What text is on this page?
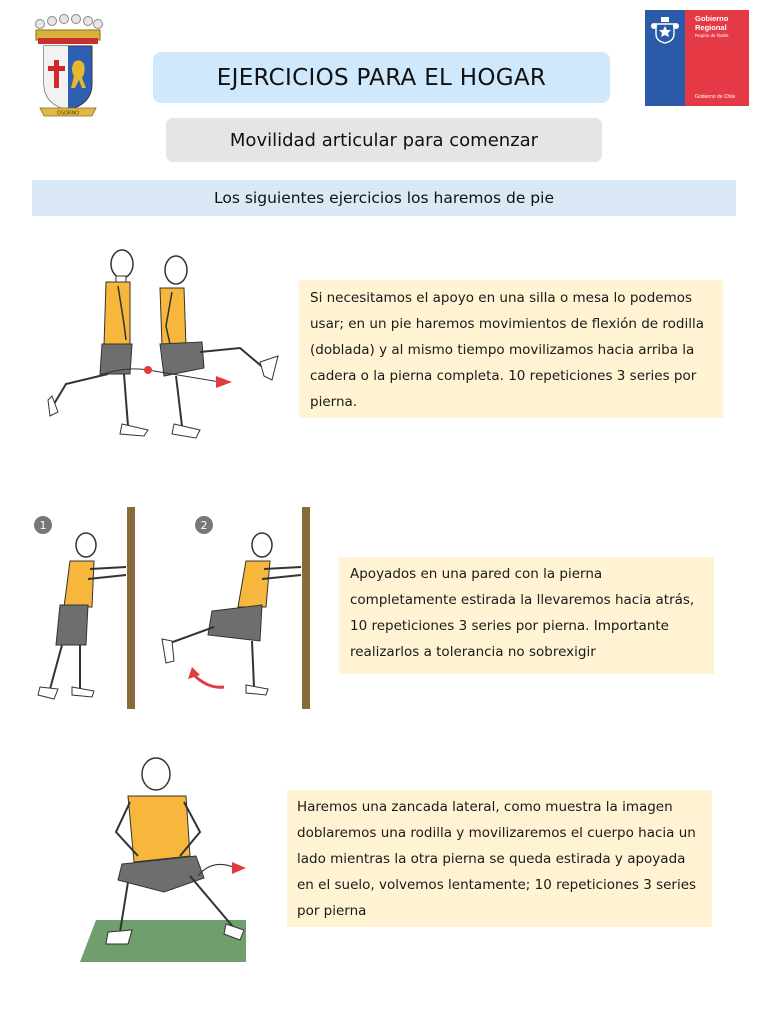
OSORNO
Gobierno
Regional
Región de Ñuble
Gobierno de Chile
EJERCICIOS PARA EL HOGAR
Movilidad articular para comenzar
Los siguientes ejercicios los haremos de pie
Si necesitamos el apoyo en una silla o mesa lo podemos usar; en un pie haremos movimientos de flexión de rodilla (doblada) y al mismo tiempo movilizamos hacia arriba la cadera o la pierna completa. 10 repeticiones 3 series por pierna.
1	2
Apoyados en una pared con la pierna completamente estirada la llevaremos hacia atrás, 10 repeticiones 3 series por pierna. Importante realizarlos a tolerancia no sobrexigir
Haremos una zancada lateral, como muestra la imagen doblaremos una rodilla y movilizaremos el cuerpo hacia un lado mientras la otra pierna se queda estirada y apoyada en el suelo, volvemos lentamente; 10 repeticiones 3 series por pierna
